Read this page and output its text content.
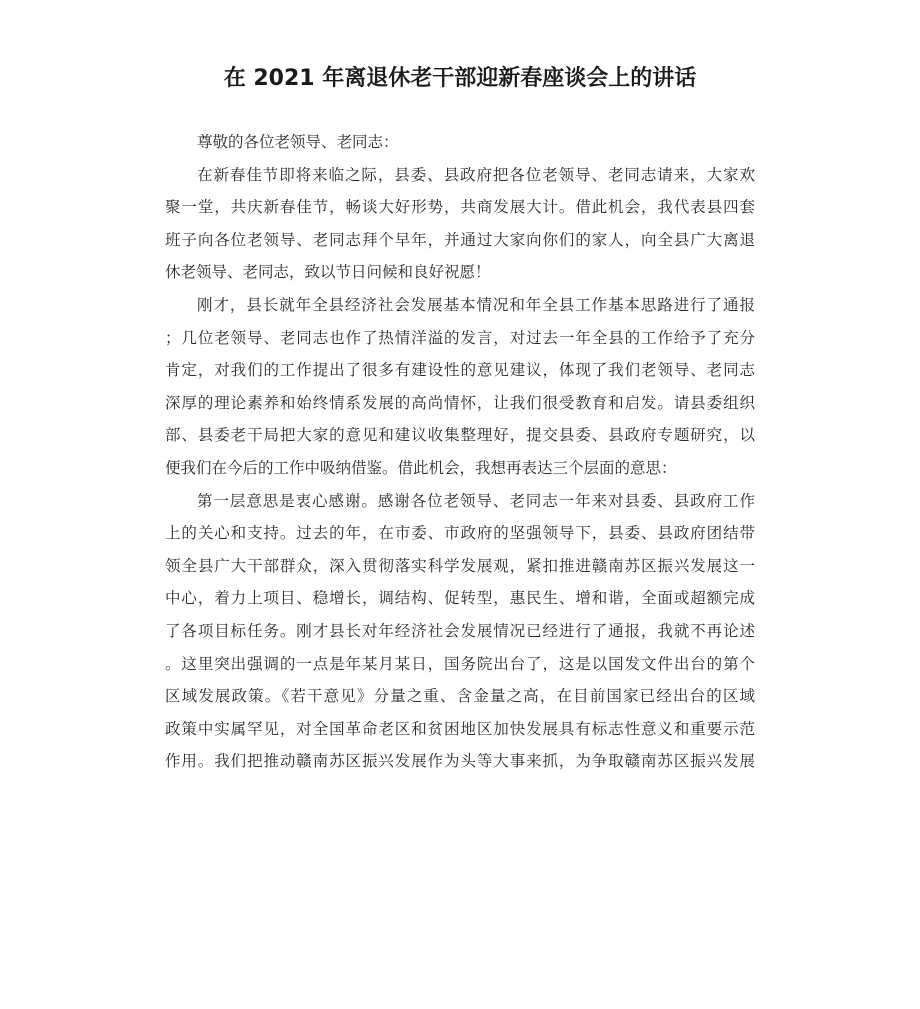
在 2021 年离退休老干部迎新春座谈会上的讲话
尊敬的各位老领导、老同志：
在新春佳节即将来临之际，县委、县政府把各位老领导、老同志请来，大家欢
聚一堂，共庆新春佳节，畅谈大好形势，共商发展大计。借此机会，我代表县四套
班子向各位老领导、老同志拜个早年，并通过大家向你们的家人，向全县广大离退
休老领导、老同志，致以节日问候和良好祝愿！
刚才，县长就年全县经济社会发展基本情况和年全县工作基本思路进行了通报
；几位老领导、老同志也作了热情洋溢的发言，对过去一年全县的工作给予了充分
肯定，对我们的工作提出了很多有建设性的意见建议，体现了我们老领导、老同志
深厚的理论素养和始终情系发展的高尚情怀，让我们很受教育和启发。请县委组织
部、县委老干局把大家的意见和建议收集整理好，提交县委、县政府专题研究，以
便我们在今后的工作中吸纳借鉴。借此机会，我想再表达三个层面的意思：
第一层意思是衷心感谢。感谢各位老领导、老同志一年来对县委、县政府工作
上的关心和支持。过去的年，在市委、市政府的坚强领导下，县委、县政府团结带
领全县广大干部群众，深入贯彻落实科学发展观，紧扣推进赣南苏区振兴发展这一
中心，着力上项目、稳增长，调结构、促转型，惠民生、增和谐，全面或超额完成
了各项目标任务。刚才县长对年经济社会发展情况已经进行了通报，我就不再论述
。这里突出强调的一点是年某月某日，国务院出台了，这是以国发文件出台的第个
区域发展政策。《若干意见》分量之重、含金量之高，在目前国家已经出台的区域
政策中实属罕见，对全国革命老区和贫困地区加快发展具有标志性意义和重要示范
作用。我们把推动赣南苏区振兴发展作为头等大事来抓，为争取赣南苏区振兴发展
